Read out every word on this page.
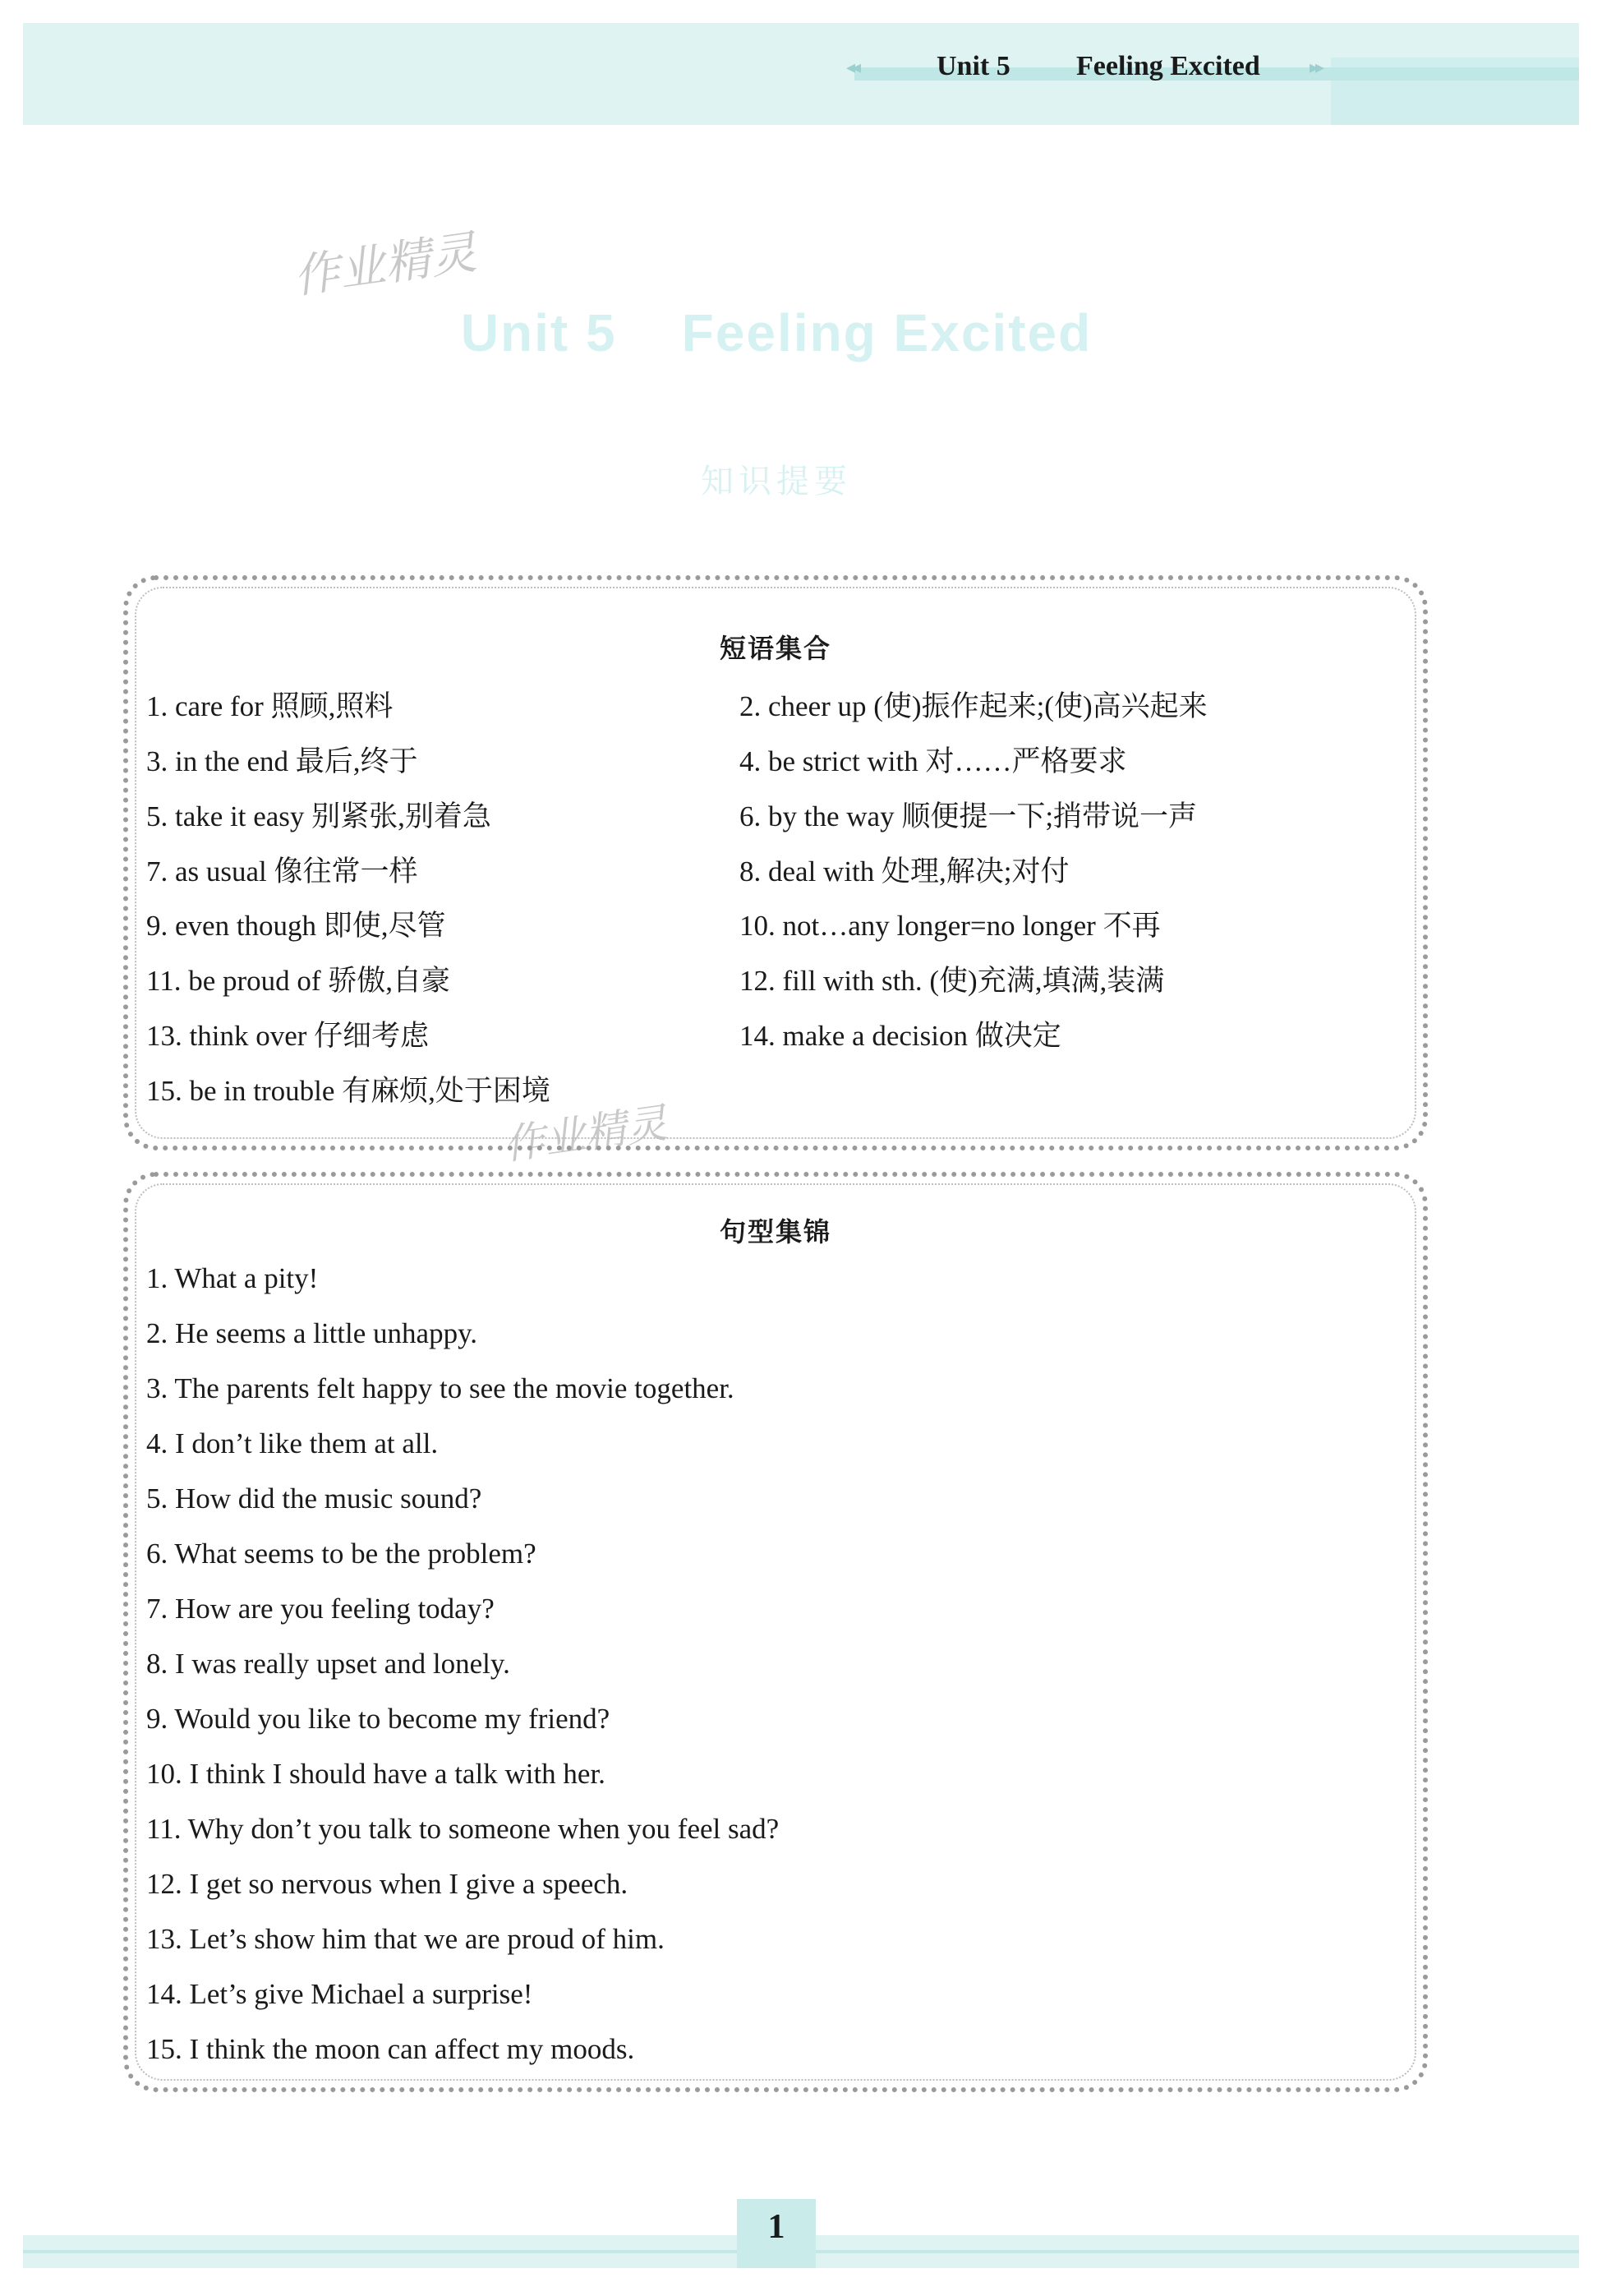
◂◂	Unit 5 Feeling Excited	▸▸
作业精灵
作业精灵
Unit 5    Feeling Excited
知识提要
短语集合
1. care for 照顾,照料	2. cheer up (使)振作起来;(使)高兴起来
3. in the end 最后,终于	4. be strict with 对……严格要求
5. take it easy 别紧张,别着急	6. by the way 顺便提一下;捎带说一声
7. as usual 像往常一样	8. deal with 处理,解决;对付
9. even though 即使,尽管	10. not…any longer=no longer 不再
11. be proud of 骄傲,自豪	12. fill with sth. (使)充满,填满,装满
13. think over 仔细考虑	14. make a decision 做决定
15. be in trouble 有麻烦,处于困境
句型集锦
1. What a pity!
2. He seems a little unhappy.
3. The parents felt happy to see the movie together.
4. I don’t like them at all.
5. How did the music sound?
6. What seems to be the problem?
7. How are you feeling today?
8. I was really upset and lonely.
9. Would you like to become my friend?
10. I think I should have a talk with her.
11. Why don’t you talk to someone when you feel sad?
12. I get so nervous when I give a speech.
13. Let’s show him that we are proud of him.
14. Let’s give Michael a surprise!
15. I think the moon can affect my moods.
1
